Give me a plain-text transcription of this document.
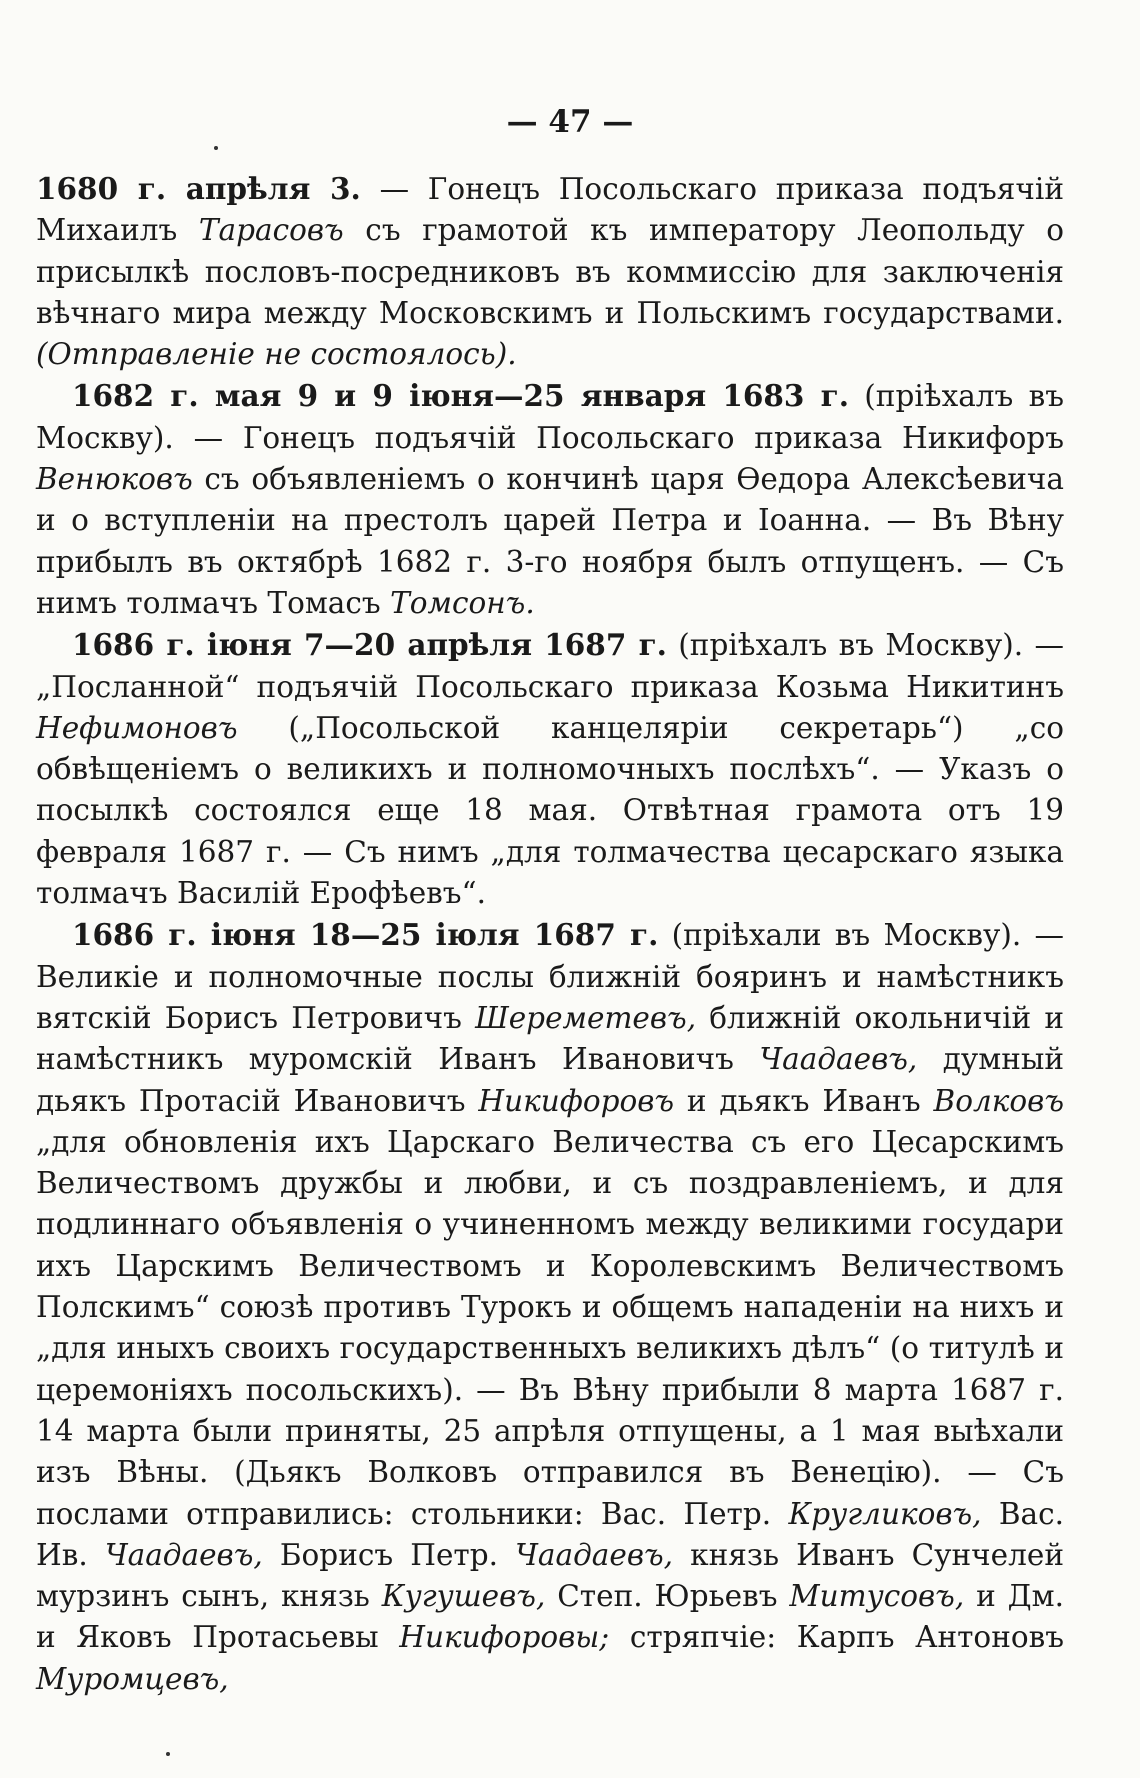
— 47 —

1680 г. апрѣля 3. — Гонецъ Посольскаго приказа подъячій Михаилъ Тарасовъ съ грамотой къ императору Леопольду о присылкѣ пословъ-посредниковъ въ коммиссію для заключенія вѣчнаго мира между Московскимъ и Польскимъ государствами. (Отправленіе не состоялось).

1682 г. мая 9 и 9 іюня—25 января 1683 г. (пріѣхалъ въ Москву). — Гонецъ подъячій Посольскаго приказа Никифоръ Венюковъ съ объявленіемъ о кончинѣ царя Ѳедора Алексѣевича и о вступленіи на престолъ царей Петра и Іоанна. — Въ Вѣну прибылъ въ октябрѣ 1682 г. 3-го ноября былъ отпущенъ. — Съ нимъ толмачъ Томасъ Томсонъ.

1686 г. іюня 7—20 апрѣля 1687 г. (пріѣхалъ въ Москву). — „Посланной“ подъячій Посольскаго приказа Козьма Никитинъ Нефимоновъ („Посольской канцеляріи секретарь“) „со обвѣщеніемъ о великихъ и полномочныхъ послѣхъ“. — Указъ о посылкѣ состоялся еще 18 мая. Отвѣтная грамота отъ 19 февраля 1687 г. — Съ нимъ „для толмачества цесарскаго языка толмачъ Василій Ерофѣевъ“.

1686 г. іюня 18—25 іюля 1687 г. (пріѣхали въ Москву). — Великіе и полномочные послы ближній бояринъ и намѣстникъ вятскій Борисъ Петровичъ Шереметевъ, ближній окольничій и намѣстникъ муромскій Иванъ Ивановичъ Чаадаевъ, думный дьякъ Протасій Ивановичъ Никифоровъ и дьякъ Иванъ Волковъ „для обновленія ихъ Царскаго Величества съ его Цесарскимъ Величествомъ дружбы и любви, и съ поздравленіемъ, и для подлиннаго объявленія о учиненномъ между великими государи ихъ Царскимъ Величествомъ и Королевскимъ Величествомъ Полскимъ“ союзѣ противъ Турокъ и общемъ нападеніи на нихъ и „для иныхъ своихъ государственныхъ великихъ дѣлъ“ (о титулѣ и церемоніяхъ посольскихъ). — Въ Вѣну прибыли 8 марта 1687 г. 14 марта были приняты, 25 апрѣля отпущены, а 1 мая выѣхали изъ Вѣны. (Дьякъ Волковъ отправился въ Венецію). — Съ послами отправились: стольники: Вас. Петр. Кругликовъ, Вас. Ив. Чаадаевъ, Борисъ Петр. Чаадаевъ, князь Иванъ Сунчелей мурзинъ сынъ, князь Кугушевъ, Степ. Юрьевъ Митусовъ, и Дм. и Яковъ Протасьевы Никифоровы; стряпчіе: Карпъ Антоновъ Муромцевъ,
